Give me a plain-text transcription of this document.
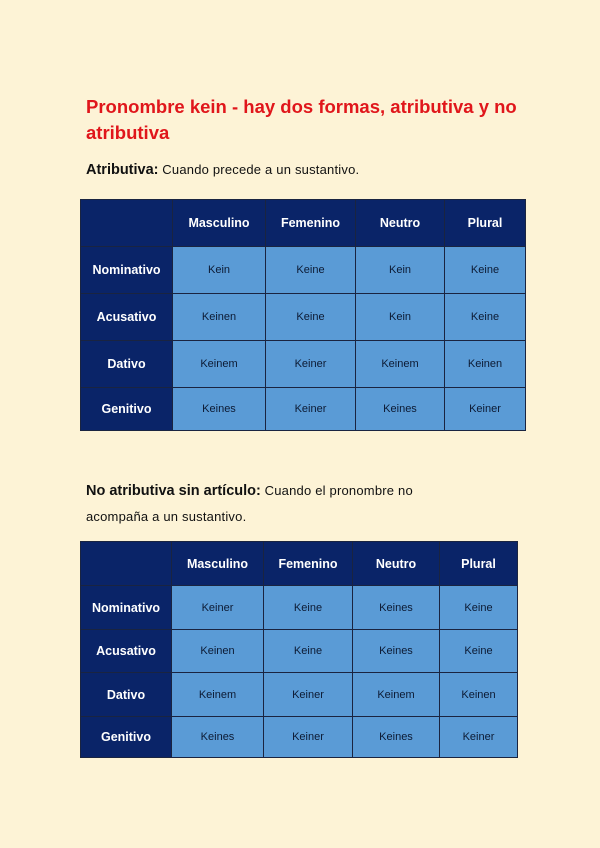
Pronombre kein - hay dos formas, atributiva y no atributiva
Atributiva: Cuando precede a un sustantivo.
	Masculino	Femenino	Neutro	Plural
Nominativo	Kein	Keine	Kein	Keine
Acusativo	Keinen	Keine	Kein	Keine
Dativo	Keinem	Keiner	Keinem	Keinen
Genitivo	Keines	Keiner	Keines	Keiner
No atributiva sin artículo: Cuando el pronombre no
acompaña a un sustantivo.
	Masculino	Femenino	Neutro	Plural
Nominativo	Keiner	Keine	Keines	Keine
Acusativo	Keinen	Keine	Keines	Keine
Dativo	Keinem	Keiner	Keinem	Keinen
Genitivo	Keines	Keiner	Keines	Keiner
